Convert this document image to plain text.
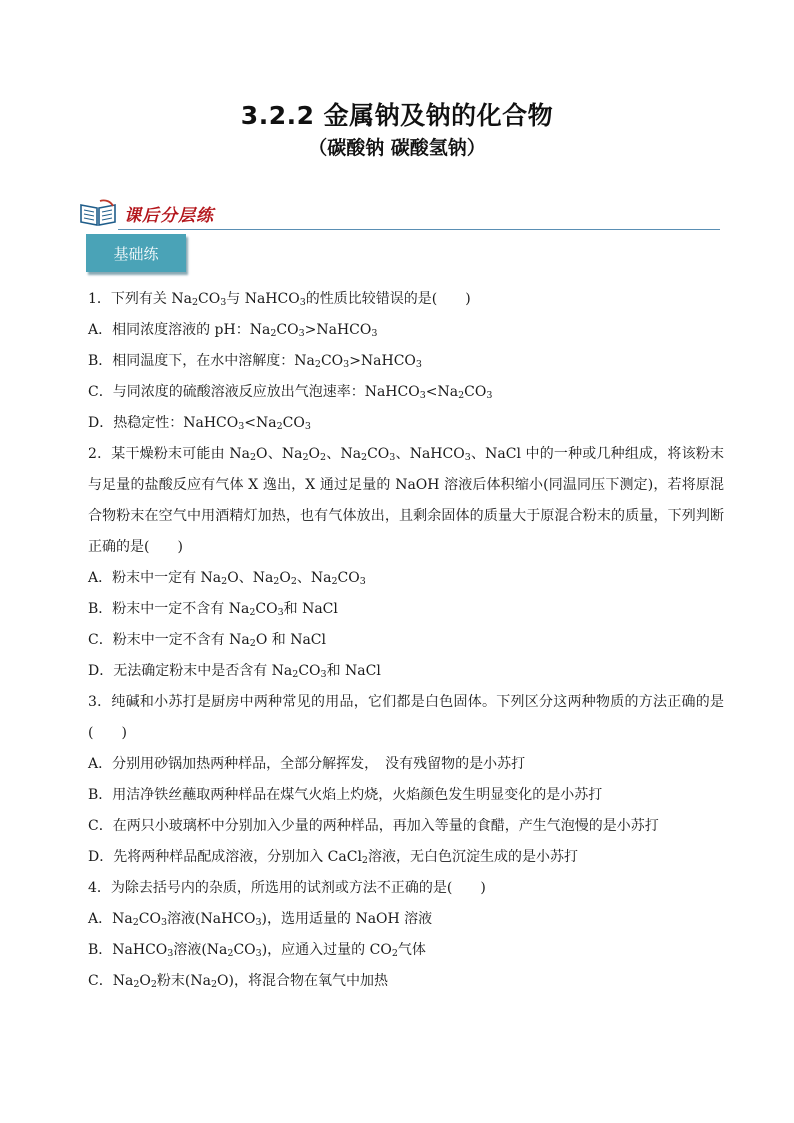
3.2.2 金属钠及钠的化合物
（碳酸钠 碳酸氢钠）
课后分层练
基础练
1．下列有关 $Na_2CO_3$与 NaHCO$_3$的性质比较错误的是(　　)
A．相同浓度溶液的 pH：$Na_2CO_3>NaHCO_3$
B．相同温度下，在水中溶解度：$Na_2CO_3>NaHCO_3$
C．与同浓度的硫酸溶液反应放出气泡速率：$NaHCO_3<Na_2CO_3$
D．热稳定性：$NaHCO_3<Na_2CO_3$
2．某干燥粉末可能由 $Na_2O$、$Na_2O_2$、$Na_2CO_3$、NaHCO$_3$、NaCl 中的一种或几种组成，将该粉末与足量的盐酸反应有气体 X 逸出，X 通过足量的 NaOH 溶液后体积缩小(同温同压下测定)，若将原混合物粉末在空气中用酒精灯加热，也有气体放出，且剩余固体的质量大于原混合粉末的质量，下列判断正确的是(　　)
A．粉末中一定有 $Na_2O$、$Na_2O_2$、$Na_2CO_3$
B．粉末中一定不含有 $Na_2CO_3$和 NaCl
C．粉末中一定不含有 $Na_2O$ 和 NaCl
D．无法确定粉末中是否含有 $Na_2CO_3$和 NaCl
3．纯碱和小苏打是厨房中两种常见的用品，它们都是白色固体。下列区分这两种物质的方法正确的是(　　)
A．分别用砂锅加热两种样品，全部分解挥发，　没有残留物的是小苏打
B．用洁净铁丝蘸取两种样品在煤气火焰上灼烧，火焰颜色发生明显变化的是小苏打
C．在两只小玻璃杯中分别加入少量的两种样品，再加入等量的食醋，产生气泡慢的是小苏打
D．先将两种样品配成溶液，分别加入 CaCl$_2$溶液，无白色沉淀生成的是小苏打
4．为除去括号内的杂质，所选用的试剂或方法不正确的是(　　)
A．$Na_2CO_3$溶液(NaHCO$_3$)，选用适量的 NaOH 溶液
B．NaHCO$_3$溶液$(Na_2CO_3)$，应通入过量的 $CO_2$气体
C．$Na_2O_2$粉末$(Na_2O)$，将混合物在氧气中加热
